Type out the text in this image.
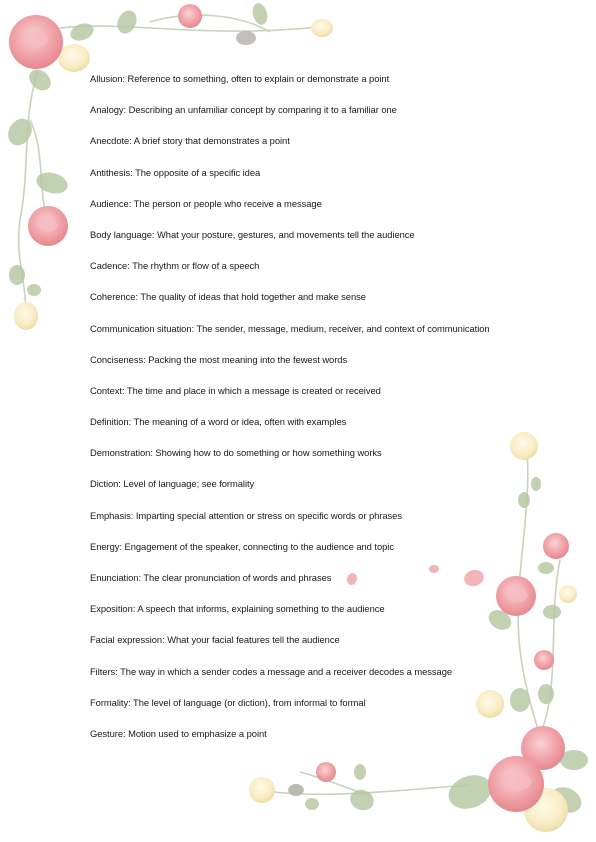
Allusion: Reference to something, often to explain or demonstrate a point
Analogy: Describing an unfamiliar concept by comparing it to a familiar one
Anecdote: A brief story that demonstrates a point
Antithesis: The opposite of a specific idea
Audience: The person or people who receive a message
Body language: What your posture, gestures, and movements tell the audience
Cadence: The rhythm or flow of a speech
Coherence: The quality of ideas that hold together and make sense
Communication situation: The sender, message, medium, receiver, and context of communication
Conciseness: Packing the most meaning into the fewest words
Context: The time and place in which a message is created or received
Definition: The meaning of a word or idea, often with examples
Demonstration: Showing how to do something or how something works
Diction: Level of language; see formality
Emphasis: Imparting special attention or stress on specific words or phrases
Energy: Engagement of the speaker, connecting to the audience and topic
Enunciation: The clear pronunciation of words and phrases
Exposition: A speech that informs, explaining something to the audience
Facial expression: What your facial features tell the audience
Filters: The way in which a sender codes a message and a receiver decodes a message
Formality: The level of language (or diction), from informal to formal
Gesture: Motion used to emphasize a point
